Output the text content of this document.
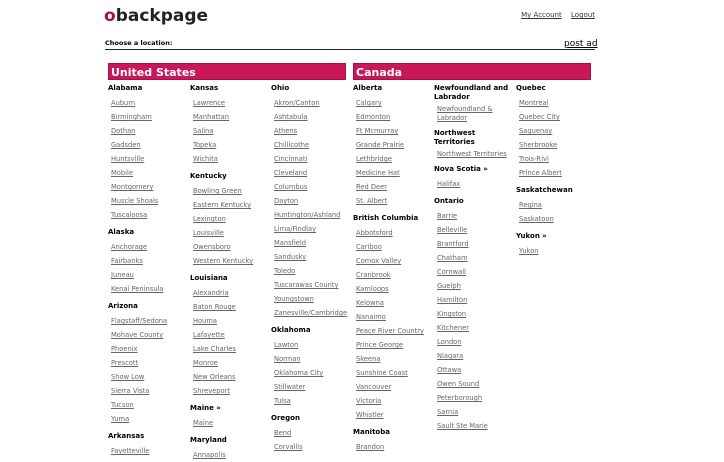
obackpage	My Account Logout
Choose a location:	post ad
United States	Canada
Alabama
Auburn
Birmingham
Dothan
Gadsden
Huntsville
Mobile
Montgomery
Muscle Shoals
Tuscaloosa
Alaska
Anchorage
Fairbanks
Juneau
Kenai Peninsula
Arizona
Flagstaff/Sedona
Mohave County
Phoenix
Prescott
Show Low
Sierra Vista
Tucson
Yuma
Arkansas
Fayetteville
Kansas
Lawrence
Manhattan
Salina
Topeka
Wichita
Kentucky
Bowling Green
Eastern Kentucky
Lexington
Louisville
Owensboro
Western Kentucky
Louisiana
Alexandria
Baton Rouge
Houma
Lafayette
Lake Charles
Monroe
New Orleans
Shreveport
Maine »
Maine
Maryland
Annapolis
Ohio
Akron/Canton
Ashtabula
Athens
Chillicothe
Cincinnati
Cleveland
Columbus
Dayton
Huntington/Ashland
Lima/Findlay
Mansfield
Sandusky
Toledo
Tuscarawas County
Youngstown
Zanesville/Cambridge
Oklahoma
Lawton
Norman
Oklahoma City
Stillwater
Tulsa
Oregon
Bend
Corvallis
Alberta
Calgary
Edmonton
Ft Mcmurray
Grande Prairie
Lethbridge
Medicine Hat
Red Deer
St. Albert
British Columbia
Abbotsford
Cariboo
Comox Valley
Cranbrook
Kamloops
Kelowna
Nanaimo
Peace River Country
Prince George
Skeena
Sunshine Coast
Vancouver
Victoria
Whistler
Manitoba
Brandon
Newfoundland and Labrador
Newfoundland & Labrador
Northwest Territories
Northwest Territories
Nova Scotia »
Halifax
Ontario
Barrie
Belleville
Brantford
Chatham
Cornwall
Guelph
Hamilton
Kingston
Kitchener
London
Niagara
Ottawa
Owen Sound
Peterborough
Sarnia
Sault Ste Marie
Quebec
Montreal
Quebec City
Saguenay
Sherbrooke
Trois-Rivi
Prince Albert
Saskatchewan
Regina
Saskatoon
Yukon »
Yukon
